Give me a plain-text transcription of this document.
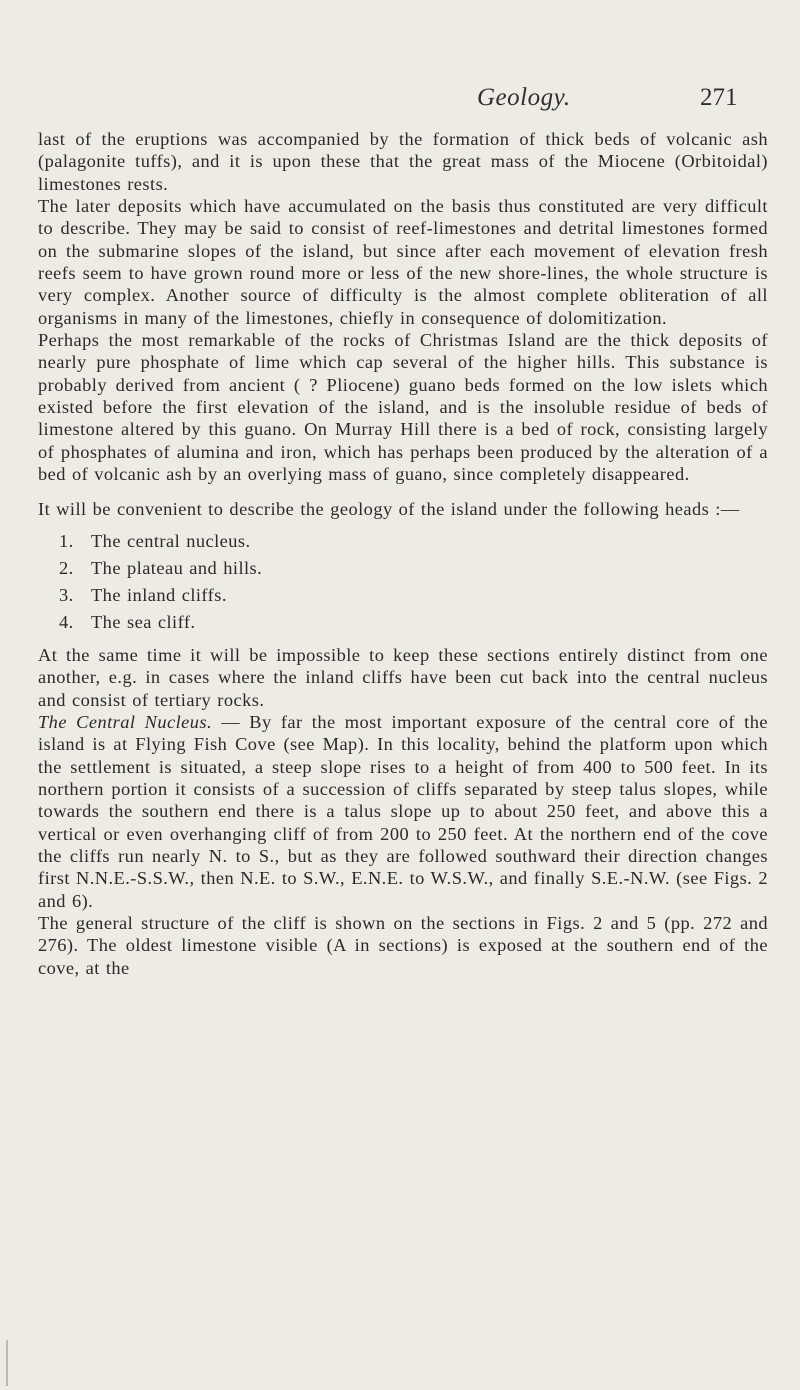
Geology.	271

last of the eruptions was accompanied by the formation of thick beds of volcanic ash (palagonite tuffs), and it is upon these that the great mass of the Miocene (Orbitoidal) limestones rests.

The later deposits which have accumulated on the basis thus constituted are very difficult to describe. They may be said to consist of reef-limestones and detrital limestones formed on the submarine slopes of the island, but since after each movement of elevation fresh reefs seem to have grown round more or less of the new shore-lines, the whole structure is very complex. Another source of difficulty is the almost complete obliteration of all organisms in many of the limestones, chiefly in consequence of dolomitization.

Perhaps the most remarkable of the rocks of Christmas Island are the thick deposits of nearly pure phosphate of lime which cap several of the higher hills. This substance is probably derived from ancient ( ? Pliocene) guano beds formed on the low islets which existed before the first elevation of the island, and is the insoluble residue of beds of limestone altered by this guano. On Murray Hill there is a bed of rock, consisting largely of phosphates of alumina and iron, which has perhaps been produced by the alteration of a bed of volcanic ash by an overlying mass of guano, since completely disappeared.

It will be convenient to describe the geology of the island under the following heads :—

1. The central nucleus.
2. The plateau and hills.
3. The inland cliffs.
4. The sea cliff.

At the same time it will be impossible to keep these sections entirely distinct from one another, e.g. in cases where the inland cliffs have been cut back into the central nucleus and consist of tertiary rocks.

The Central Nucleus. — By far the most important exposure of the central core of the island is at Flying Fish Cove (see Map). In this locality, behind the platform upon which the settlement is situated, a steep slope rises to a height of from 400 to 500 feet. In its northern portion it consists of a succession of cliffs separated by steep talus slopes, while towards the southern end there is a talus slope up to about 250 feet, and above this a vertical or even overhanging cliff of from 200 to 250 feet. At the northern end of the cove the cliffs run nearly N. to S., but as they are followed southward their direction changes first N.N.E.-S.S.W., then N.E. to S.W., E.N.E. to W.S.W., and finally S.E.-N.W. (see Figs. 2 and 6).

The general structure of the cliff is shown on the sections in Figs. 2 and 5 (pp. 272 and 276). The oldest limestone visible (A in sections) is exposed at the southern end of the cove, at the
